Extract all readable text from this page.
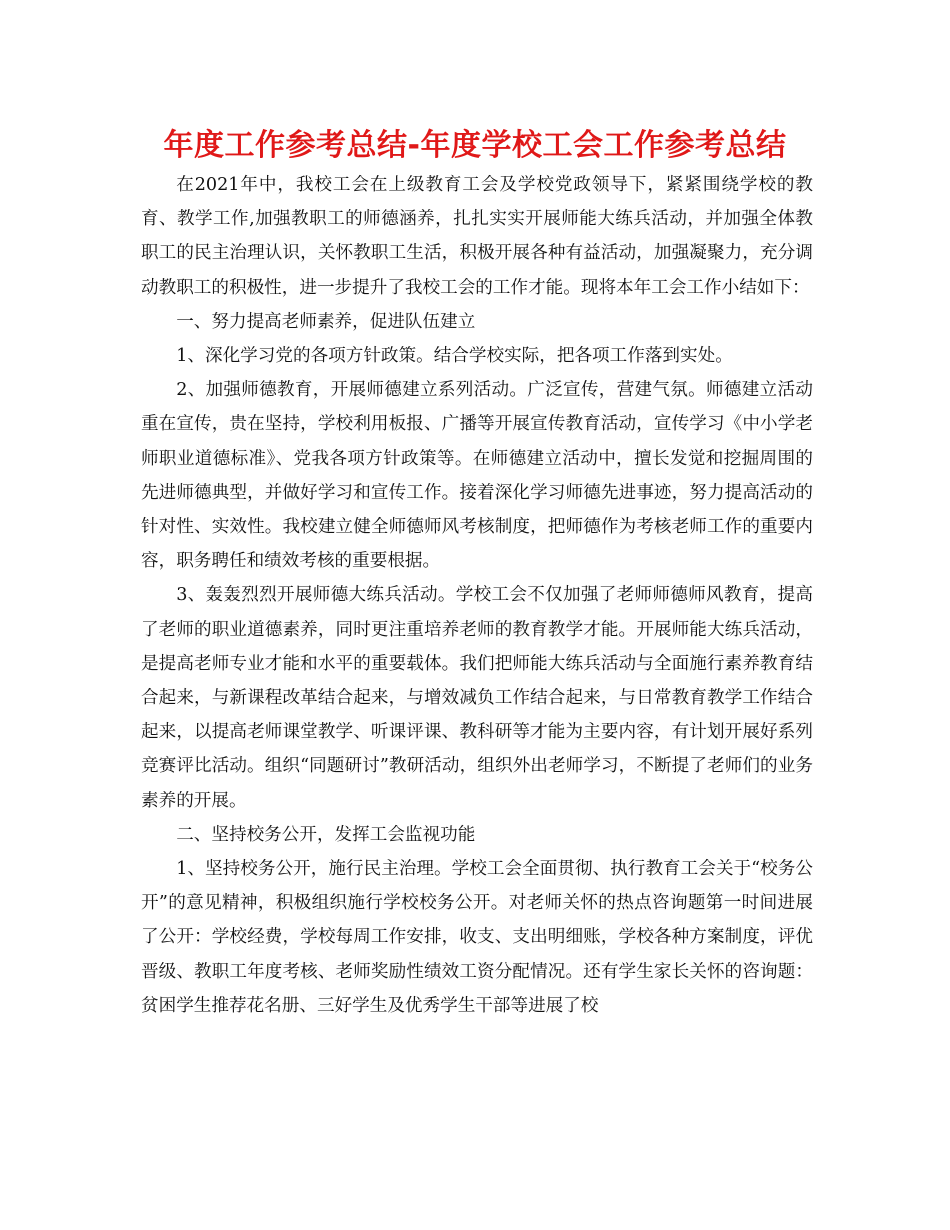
年度工作参考总结-年度学校工会工作参考总结

在2021年中，我校工会在上级教育工会及学校党政领导下，紧紧围绕学校的教育、教学工作,加强教职工的师德涵养，扎扎实实开展师能大练兵活动，并加强全体教职工的民主治理认识，关怀教职工生活，积极开展各种有益活动，加强凝聚力，充分调动教职工的积极性，进一步提升了我校工会的工作才能。现将本年工会工作小结如下：

一、努力提高老师素养，促进队伍建立

1、深化学习党的各项方针政策。结合学校实际，把各项工作落到实处。

2、加强师德教育，开展师德建立系列活动。广泛宣传，营建气氛。师德建立活动重在宣传，贵在坚持，学校利用板报、广播等开展宣传教育活动，宣传学习《中小学老师职业道德标准》、党我各项方针政策等。在师德建立活动中，擅长发觉和挖掘周围的先进师德典型，并做好学习和宣传工作。接着深化学习师德先进事迹，努力提高活动的针对性、实效性。我校建立健全师德师风考核制度，把师德作为考核老师工作的重要内容，职务聘任和绩效考核的重要根据。

3、轰轰烈烈开展师德大练兵活动。学校工会不仅加强了老师师德师风教育，提高了老师的职业道德素养，同时更注重培养老师的教育教学才能。开展师能大练兵活动，是提高老师专业才能和水平的重要载体。我们把师能大练兵活动与全面施行素养教育结合起来，与新课程改革结合起来，与增效减负工作结合起来，与日常教育教学工作结合起来，以提高老师课堂教学、听课评课、教科研等才能为主要内容，有计划开展好系列竞赛评比活动。组织“同题研讨”教研活动，组织外出老师学习，不断提了老师们的业务素养的开展。

二、坚持校务公开，发挥工会监视功能

1、坚持校务公开，施行民主治理。学校工会全面贯彻、执行教育工会关于“校务公开”的意见精神，积极组织施行学校校务公开。对老师关怀的热点咨询题第一时间进展了公开：学校经费，学校每周工作安排，收支、支出明细账，学校各种方案制度，评优晋级、教职工年度考核、老师奖励性绩效工资分配情况。还有学生家长关怀的咨询题：贫困学生推荐花名册、三好学生及优秀学生干部等进展了校
